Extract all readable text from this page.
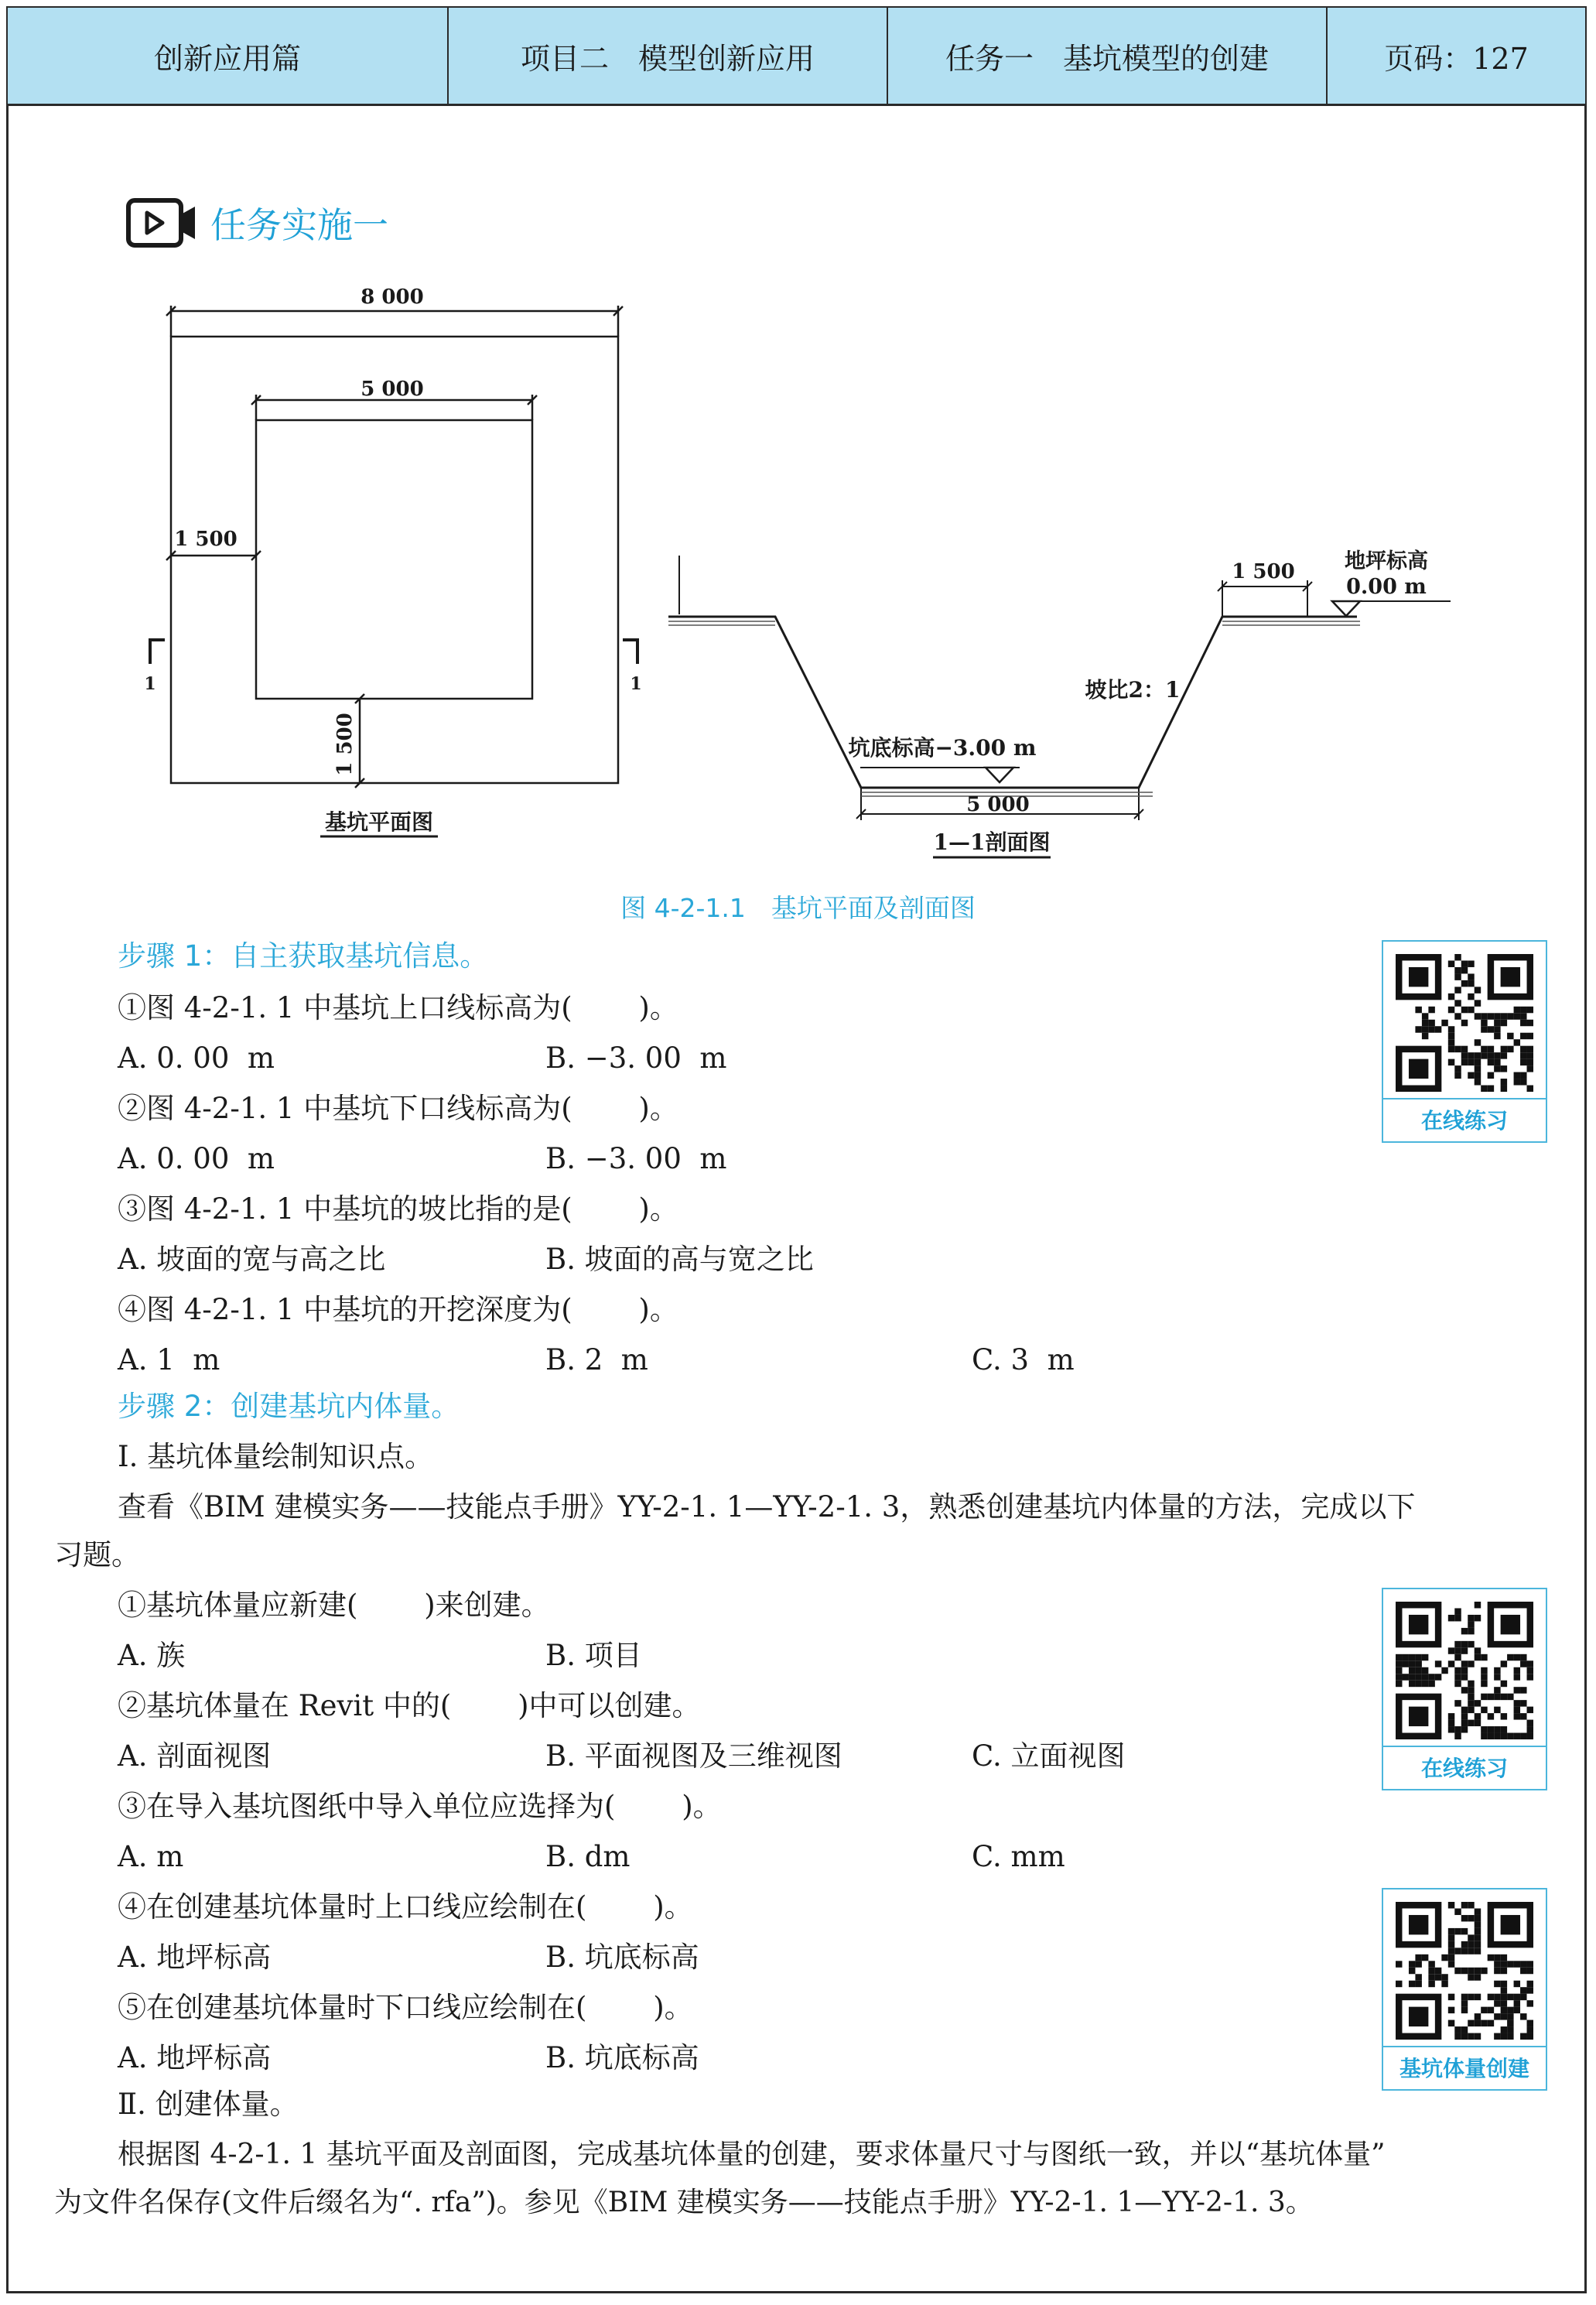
创新应用篇	项目二　模型创新应用	任务一　基坑模型的创建	页码：127
任务实施一
8 000
5 000
1 500
1 500
1	1
基坑平面图
1 500 地坪标高
0.00 m
坡比2：1
坑底标高−3.00 m
5 000
1—1剖面图
图 4-2-1.1　基坑平面及剖面图
步骤 1：自主获取基坑信息。
①图 4-2-1. 1 中基坑上口线标高为(　　 )。
A. 0. 00  m	B. −3. 00  m
②图 4-2-1. 1 中基坑下口线标高为(　　 )。
A. 0. 00  m	B. −3. 00  m
③图 4-2-1. 1 中基坑的坡比指的是(　　 )。
A. 坡面的宽与高之比	B. 坡面的高与宽之比
④图 4-2-1. 1 中基坑的开挖深度为(　　 )。
A. 1  m	B. 2  m	C. 3  m
步骤 2：创建基坑内体量。
Ⅰ. 基坑体量绘制知识点。
查看《BIM 建模实务——技能点手册》YY-2-1. 1—YY-2-1. 3，熟悉创建基坑内体量的方法，完成以下
习题。
①基坑体量应新建(　　 )来创建。
A. 族	B. 项目
②基坑体量在 Revit 中的(　　 )中可以创建。
A. 剖面视图	B. 平面视图及三维视图	C. 立面视图
③在导入基坑图纸中导入单位应选择为(　　 )。
A. m	B. dm	C. mm
④在创建基坑体量时上口线应绘制在(　　 )。
A. 地坪标高	B. 坑底标高
⑤在创建基坑体量时下口线应绘制在(　　 )。
A. 地坪标高	B. 坑底标高
Ⅱ. 创建体量。
根据图 4-2-1. 1 基坑平面及剖面图，完成基坑体量的创建，要求体量尺寸与图纸一致，并以“基坑体量”
为文件名保存(文件后缀名为“. rfa”)。参见《BIM 建模实务——技能点手册》YY-2-1. 1—YY-2-1. 3。
在线练习
在线练习
基坑体量创建
